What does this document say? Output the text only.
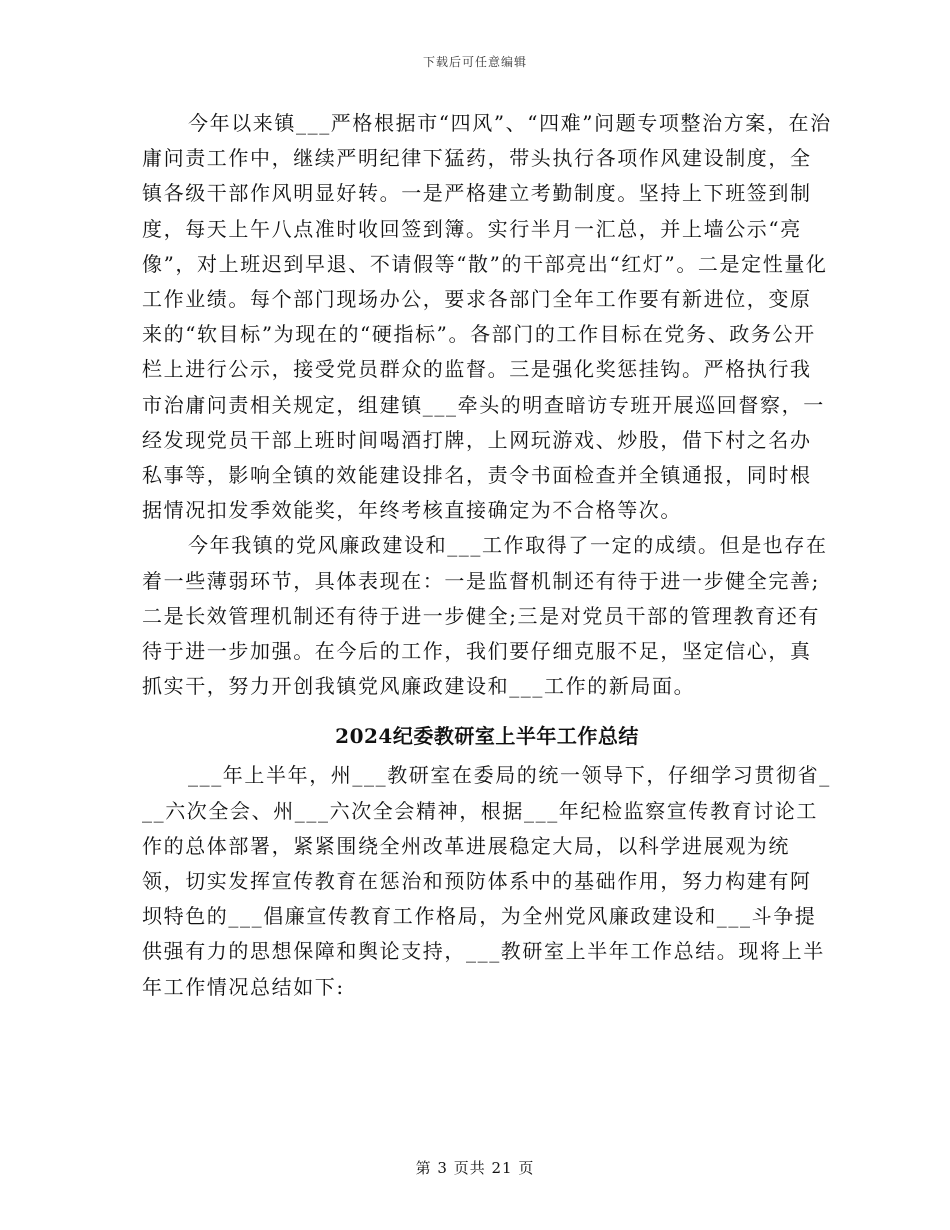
下载后可任意编辑

今年以来镇___严格根据市“四风”、“四难”问题专项整治方案，在治庸问责工作中，继续严明纪律下猛药，带头执行各项作风建设制度，全镇各级干部作风明显好转。一是严格建立考勤制度。坚持上下班签到制度，每天上午八点准时收回签到簿。实行半月一汇总，并上墙公示“亮像”，对上班迟到早退、不请假等“散”的干部亮出“红灯”。二是定性量化工作业绩。每个部门现场办公，要求各部门全年工作要有新进位，变原来的“软目标”为现在的“硬指标”。各部门的工作目标在党务、政务公开栏上进行公示，接受党员群众的监督。三是强化奖惩挂钩。严格执行我市治庸问责相关规定，组建镇___牵头的明查暗访专班开展巡回督察，一经发现党员干部上班时间喝酒打牌，上网玩游戏、炒股，借下村之名办私事等，影响全镇的效能建设排名，责令书面检查并全镇通报，同时根据情况扣发季效能奖，年终考核直接确定为不合格等次。

今年我镇的党风廉政建设和___工作取得了一定的成绩。但是也存在着一些薄弱环节，具体表现在：一是监督机制还有待于进一步健全完善;二是长效管理机制还有待于进一步健全;三是对党员干部的管理教育还有待于进一步加强。在今后的工作，我们要仔细克服不足，坚定信心，真抓实干，努力开创我镇党风廉政建设和___工作的新局面。

2024纪委教研室上半年工作总结

___年上半年，州___教研室在委局的统一领导下，仔细学习贯彻省___六次全会、州___六次全会精神，根据___年纪检监察宣传教育讨论工作的总体部署，紧紧围绕全州改革进展稳定大局，以科学进展观为统领，切实发挥宣传教育在惩治和预防体系中的基础作用，努力构建有阿坝特色的___倡廉宣传教育工作格局，为全州党风廉政建设和___斗争提供强有力的思想保障和舆论支持，___教研室上半年工作总结。现将上半年工作情况总结如下:

第 3 页共 21 页
